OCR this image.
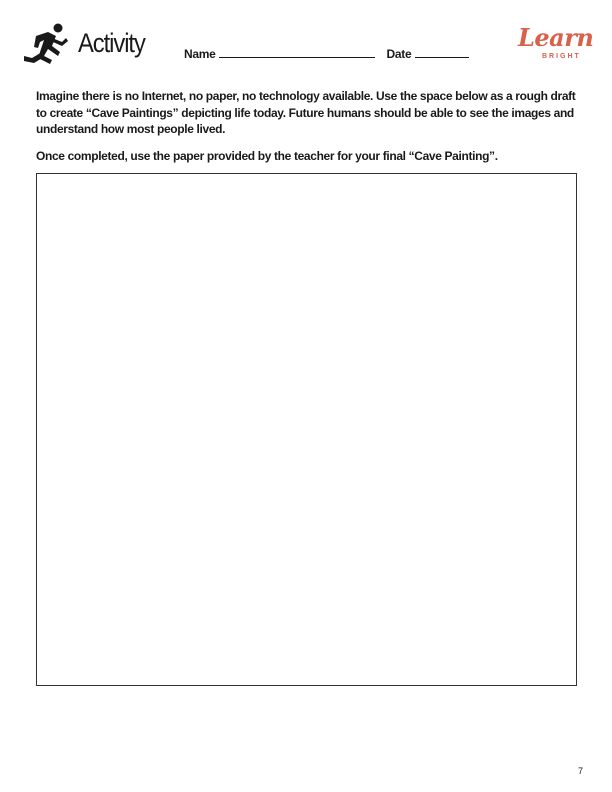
Activity	Name	Date
Learn
BRIGHT

Imagine there is no Internet, no paper, no technology available. Use the space below as a rough draft to create “Cave Paintings” depicting life today. Future humans should be able to see the images and understand how most people lived.

Once completed, use the paper provided by the teacher for your final “Cave Painting”.

7
